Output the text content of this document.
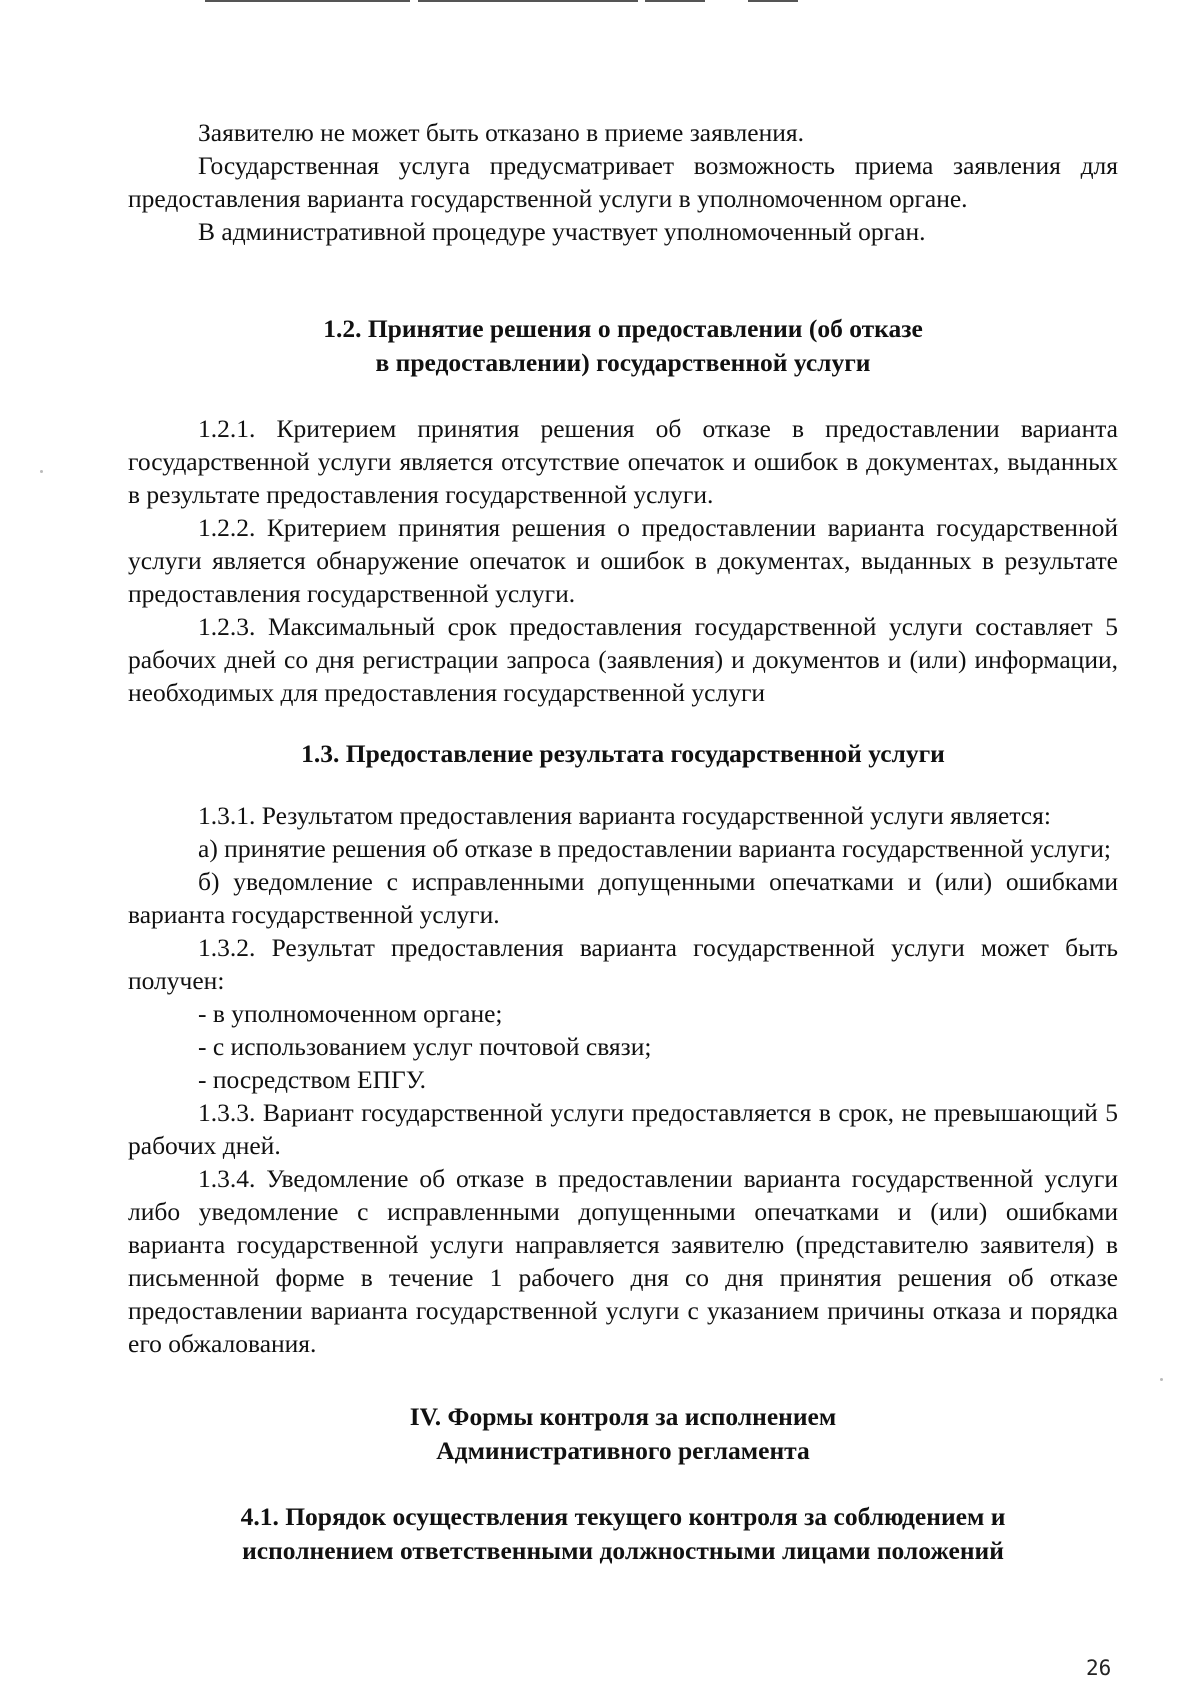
Заявителю не может быть отказано в приеме заявления.

Государственная услуга предусматривает возможность приема заявления для предоставления варианта государственной услуги в уполномоченном органе.

В административной процедуре участвует уполномоченный орган.

1.2. Принятие решения о предоставлении (об отказе

в предоставлении) государственной услуги

1.2.1. Критерием принятия решения об отказе в предоставлении варианта государственной услуги является отсутствие опечаток и ошибок в документах, выданных в результате предоставления государственной услуги.

1.2.2. Критерием принятия решения о предоставлении варианта государственной услуги является обнаружение опечаток и ошибок в документах, выданных в результате предоставления государственной услуги.

1.2.3. Максимальный срок предоставления государственной услуги составляет 5 рабочих дней со дня регистрации запроса (заявления) и документов и (или) информации, необходимых для предоставления государственной услуги

1.3. Предоставление результата государственной услуги

1.3.1. Результатом предоставления варианта государственной услуги является:

а) принятие решения об отказе в предоставлении варианта государственной услуги;

б) уведомление с исправленными допущенными опечатками и (или) ошибками варианта государственной услуги.

1.3.2. Результат предоставления варианта государственной услуги может быть получен:

- в уполномоченном органе;

- с использованием услуг почтовой связи;

- посредством ЕПГУ.

1.3.3. Вариант государственной услуги предоставляется в срок, не превышающий 5 рабочих дней.

1.3.4. Уведомление об отказе в предоставлении варианта государственной услуги либо уведомление с исправленными допущенными опечатками и (или) ошибками варианта государственной услуги направляется заявителю (представителю заявителя) в письменной форме в течение 1 рабочего дня со дня принятия решения об отказе предоставлении варианта государственной услуги с указанием причины отказа и порядка его обжалования.

IV. Формы контроля за исполнением

Административного регламента

4.1. Порядок осуществления текущего контроля за соблюдением и

исполнением ответственными должностными лицами положений

26
